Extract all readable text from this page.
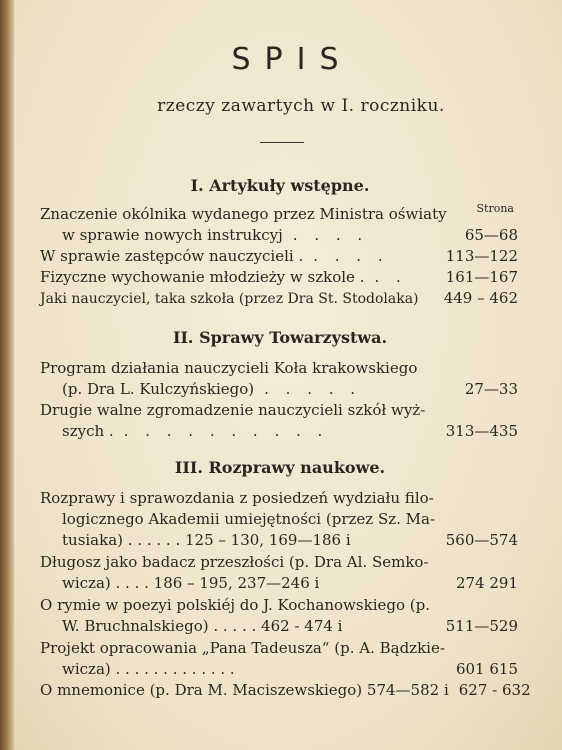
SPIS
rzeczy zawartych w I. roczniku.
I. Artykuły wstępne.
Strona
Znaczenie okólnika wydanego przez Ministra oświaty
w sprawie nowych instrukcyj . . . .	65—68
W sprawie zastępców nauczycieli . . . . .	113—122
Fizyczne wychowanie młodzieży w szkole . . .	161—167
Jaki nauczyciel, taka szkoła (przez Dra St. Stodolaka) 449 – 462
II. Sprawy Towarzystwa.
Program działania nauczycieli Koła krakowskiego
(p. Dra L. Kulczyńskiego) . . . . .	27—33
Drugie walne zgromadzenie nauczycieli szkół wyż-
szych . . . . . . . . . . .	313—435
III. Rozprawy naukowe.
Rozprawy i sprawozdania z posiedzeń wydziału filo-
logicznego Akademii umiejętności (przez Sz. Ma-
tusiaka) . . . . . . 125 – 130, 169—186 i	560—574
Długosz jako badacz przeszłości (p. Dra Al. Semko-
wicza) . . . . 186 – 195, 237—246 i	274 291
O rymie w poezyi polskiéj do J. Kochanowskiego (p.
W. Bruchnalskiego) . . . . . 462 - 474 i	511—529
Projekt opracowania „Pana Tadeusza“ (p. A. Bądzkie-
wicza) . . . . . . . . . . . . .	601 615
O mnemonice (p. Dra M. Maciszewskiego) 574—582 i 627 - 632
